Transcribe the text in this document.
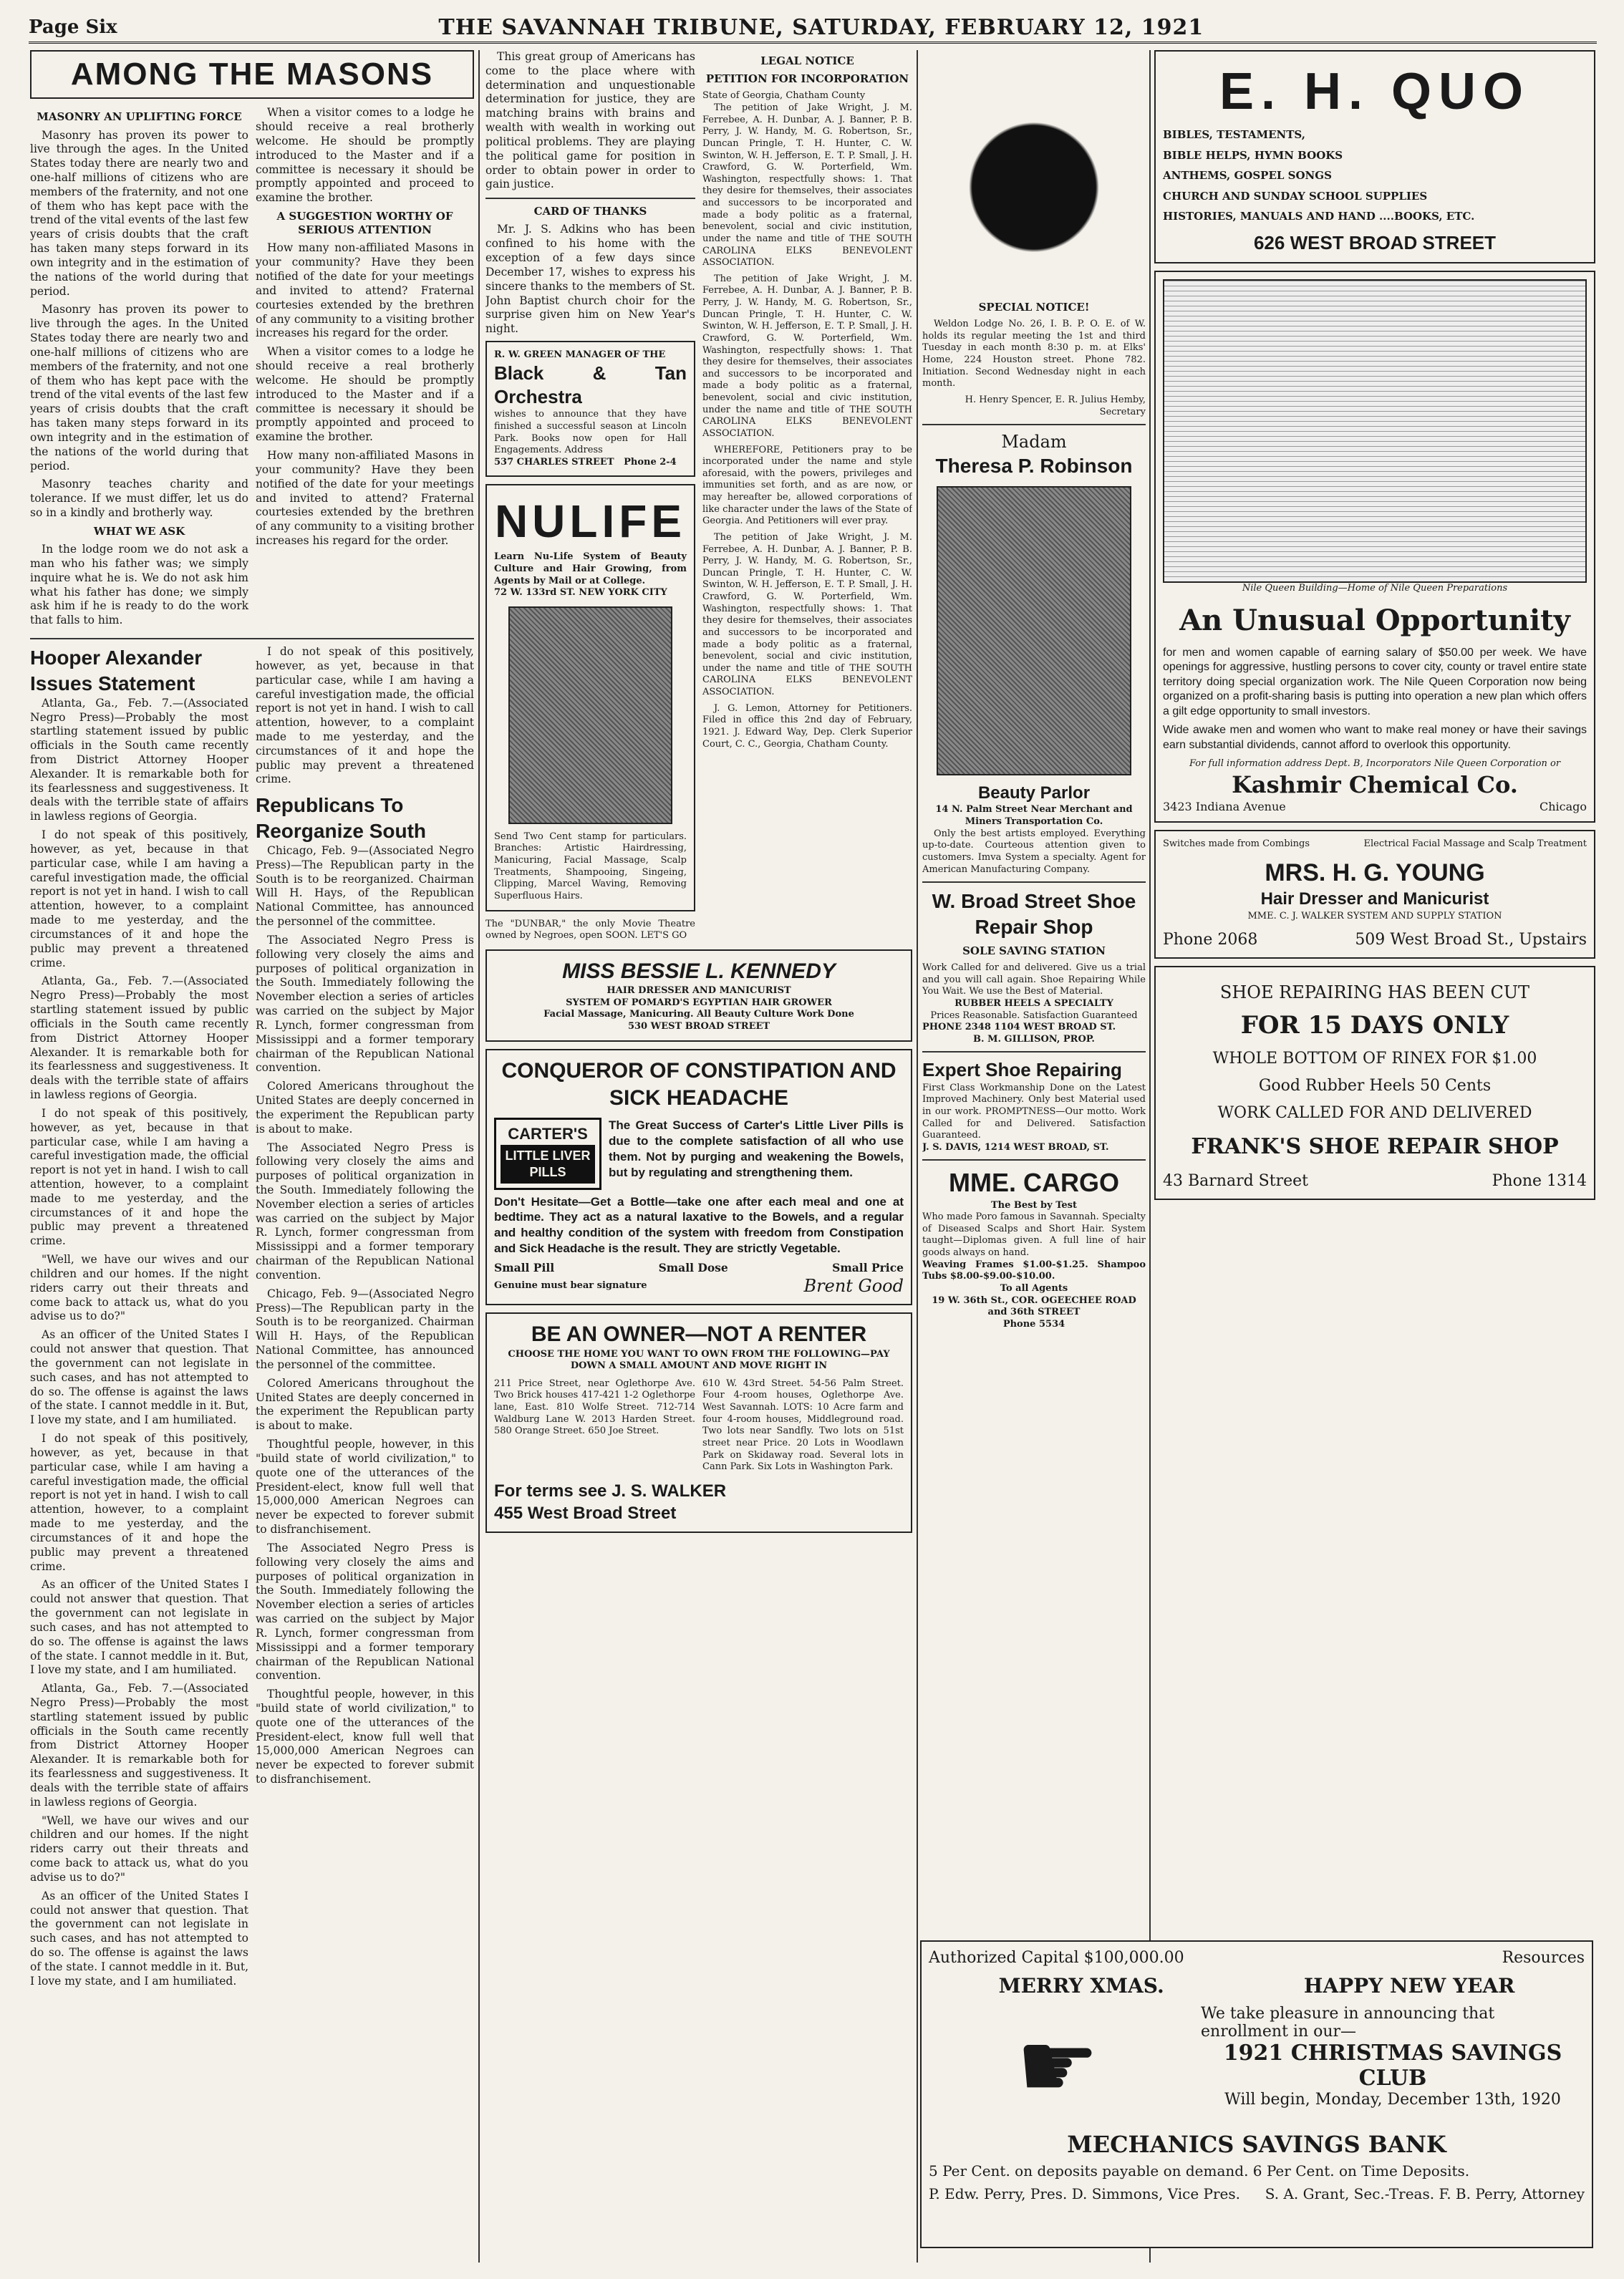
Page Six	THE SAVANNAH TRIBUNE, SATURDAY, FEBRUARY 12, 1921
AMONG THE MASONS
MASONRY AN UPLIFTING FORCE

Masonry has proven its power to live through the ages. In the United States today there are nearly two and one-half millions of citizens who are members of the fraternity, and not one of them who has kept pace with the trend of the vital events of the last few years of crisis doubts that the craft has taken many steps forward in its own integrity and in the estimation of the nations of the world during that period.

Masonry has proven its power to live through the ages. In the United States today there are nearly two and one-half millions of citizens who are members of the fraternity, and not one of them who has kept pace with the trend of the vital events of the last few years of crisis doubts that the craft has taken many steps forward in its own integrity and in the estimation of the nations of the world during that period.

Masonry teaches charity and tolerance. If we must differ, let us do so in a kindly and brotherly way.

WHAT WE ASK

In the lodge room we do not ask a man who his father was; we simply inquire what he is. We do not ask him what his father has done; we simply ask him if he is ready to do the work that falls to him.

When a visitor comes to a lodge he should receive a real brotherly welcome. He should be promptly introduced to the Master and if a committee is necessary it should be promptly appointed and proceed to examine the brother.

A SUGGESTION WORTHY OF SERIOUS ATTENTION

How many non-affiliated Masons in your community? Have they been notified of the date for your meetings and invited to attend? Fraternal courtesies extended by the brethren of any community to a visiting brother increases his regard for the order.

When a visitor comes to a lodge he should receive a real brotherly welcome. He should be promptly introduced to the Master and if a committee is necessary it should be promptly appointed and proceed to examine the brother.

How many non-affiliated Masons in your community? Have they been notified of the date for your meetings and invited to attend? Fraternal courtesies extended by the brethren of any community to a visiting brother increases his regard for the order.

Hooper Alexander Issues Statement

Atlanta, Ga., Feb. 7.—(Associated Negro Press)—Probably the most startling statement issued by public officials in the South came recently from District Attorney Hooper Alexander. It is remarkable both for its fearlessness and suggestiveness. It deals with the terrible state of affairs in lawless regions of Georgia.

I do not speak of this positively, however, as yet, because in that particular case, while I am having a careful investigation made, the official report is not yet in hand. I wish to call attention, however, to a complaint made to me yesterday, and the circumstances of it and hope the public may prevent a threatened crime.

Atlanta, Ga., Feb. 7.—(Associated Negro Press)—Probably the most startling statement issued by public officials in the South came recently from District Attorney Hooper Alexander. It is remarkable both for its fearlessness and suggestiveness. It deals with the terrible state of affairs in lawless regions of Georgia.

I do not speak of this positively, however, as yet, because in that particular case, while I am having a careful investigation made, the official report is not yet in hand. I wish to call attention, however, to a complaint made to me yesterday, and the circumstances of it and hope the public may prevent a threatened crime.

"Well, we have our wives and our children and our homes. If the night riders carry out their threats and come back to attack us, what do you advise us to do?"

As an officer of the United States I could not answer that question. That the government can not legislate in such cases, and has not attempted to do so. The offense is against the laws of the state. I cannot meddle in it. But, I love my state, and I am humiliated.

I do not speak of this positively, however, as yet, because in that particular case, while I am having a careful investigation made, the official report is not yet in hand. I wish to call attention, however, to a complaint made to me yesterday, and the circumstances of it and hope the public may prevent a threatened crime.

As an officer of the United States I could not answer that question. That the government can not legislate in such cases, and has not attempted to do so. The offense is against the laws of the state. I cannot meddle in it. But, I love my state, and I am humiliated.

Atlanta, Ga., Feb. 7.—(Associated Negro Press)—Probably the most startling statement issued by public officials in the South came recently from District Attorney Hooper Alexander. It is remarkable both for its fearlessness and suggestiveness. It deals with the terrible state of affairs in lawless regions of Georgia.

"Well, we have our wives and our children and our homes. If the night riders carry out their threats and come back to attack us, what do you advise us to do?"

As an officer of the United States I could not answer that question. That the government can not legislate in such cases, and has not attempted to do so. The offense is against the laws of the state. I cannot meddle in it. But, I love my state, and I am humiliated.

I do not speak of this positively, however, as yet, because in that particular case, while I am having a careful investigation made, the official report is not yet in hand. I wish to call attention, however, to a complaint made to me yesterday, and the circumstances of it and hope the public may prevent a threatened crime.

Republicans To Reorganize South

Chicago, Feb. 9—(Associated Negro Press)—The Republican party in the South is to be reorganized. Chairman Will H. Hays, of the Republican National Committee, has announced the personnel of the committee.

The Associated Negro Press is following very closely the aims and purposes of political organization in the South. Immediately following the November election a series of articles was carried on the subject by Major R. Lynch, former congressman from Mississippi and a former temporary chairman of the Republican National convention.

Colored Americans throughout the United States are deeply concerned in the experiment the Republican party is about to make.

The Associated Negro Press is following very closely the aims and purposes of political organization in the South. Immediately following the November election a series of articles was carried on the subject by Major R. Lynch, former congressman from Mississippi and a former temporary chairman of the Republican National convention.

Chicago, Feb. 9—(Associated Negro Press)—The Republican party in the South is to be reorganized. Chairman Will H. Hays, of the Republican National Committee, has announced the personnel of the committee.

Colored Americans throughout the United States are deeply concerned in the experiment the Republican party is about to make.

Thoughtful people, however, in this "build state of world civilization," to quote one of the utterances of the President-elect, know full well that 15,000,000 American Negroes can never be expected to forever submit to disfranchisement.

The Associated Negro Press is following very closely the aims and purposes of political organization in the South. Immediately following the November election a series of articles was carried on the subject by Major R. Lynch, former congressman from Mississippi and a former temporary chairman of the Republican National convention.

Thoughtful people, however, in this "build state of world civilization," to quote one of the utterances of the President-elect, know full well that 15,000,000 American Negroes can never be expected to forever submit to disfranchisement.

This great group of Americans has come to the place where with determination and unquestionable determination for justice, they are matching brains with brains and wealth with wealth in working out political problems. They are playing the political game for position in order to obtain power in order to gain justice.

CARD OF THANKS

Mr. J. S. Adkins who has been confined to his home with the exception of a few days since December 17, wishes to express his sincere thanks to the members of St. John Baptist church choir for the surprise given him on New Year's night.

R. W. GREEN MANAGER OF THE
Black & Tan Orchestra
wishes to announce that they have finished a successful season at Lincoln Park. Books now open for Hall Engagements. Address
537 CHARLES STREET Phone 2-4
NULIFE
Learn Nu-Life System of Beauty Culture and Hair Growing, from Agents by Mail or at College.
72 W. 133rd ST. NEW YORK CITY
Send Two Cent stamp for particulars. Branches: Artistic Hairdressing, Manicuring, Facial Massage, Scalp Treatments, Shampooing, Singeing, Clipping, Marcel Waving, Removing Superfluous Hairs.
The "DUNBAR," the only Movie Theatre owned by Negroes, open SOON. LET'S GO
LEGAL NOTICE
PETITION FOR INCORPORATION
State of Georgia, Chatham County

The petition of Jake Wright, J. M. Ferrebee, A. H. Dunbar, A. J. Banner, P. B. Perry, J. W. Handy, M. G. Robertson, Sr., Duncan Pringle, T. H. Hunter, C. W. Swinton, W. H. Jefferson, E. T. P. Small, J. H. Crawford, G. W. Porterfield, Wm. Washington, respectfully shows: 1. That they desire for themselves, their associates and successors to be incorporated and made a body politic as a fraternal, benevolent, social and civic institution, under the name and title of THE SOUTH CAROLINA ELKS BENEVOLENT ASSOCIATION.

The petition of Jake Wright, J. M. Ferrebee, A. H. Dunbar, A. J. Banner, P. B. Perry, J. W. Handy, M. G. Robertson, Sr., Duncan Pringle, T. H. Hunter, C. W. Swinton, W. H. Jefferson, E. T. P. Small, J. H. Crawford, G. W. Porterfield, Wm. Washington, respectfully shows: 1. That they desire for themselves, their associates and successors to be incorporated and made a body politic as a fraternal, benevolent, social and civic institution, under the name and title of THE SOUTH CAROLINA ELKS BENEVOLENT ASSOCIATION.

WHEREFORE, Petitioners pray to be incorporated under the name and style aforesaid, with the powers, privileges and immunities set forth, and as are now, or may hereafter be, allowed corporations of like character under the laws of the State of Georgia. And Petitioners will ever pray.

The petition of Jake Wright, J. M. Ferrebee, A. H. Dunbar, A. J. Banner, P. B. Perry, J. W. Handy, M. G. Robertson, Sr., Duncan Pringle, T. H. Hunter, C. W. Swinton, W. H. Jefferson, E. T. P. Small, J. H. Crawford, G. W. Porterfield, Wm. Washington, respectfully shows: 1. That they desire for themselves, their associates and successors to be incorporated and made a body politic as a fraternal, benevolent, social and civic institution, under the name and title of THE SOUTH CAROLINA ELKS BENEVOLENT ASSOCIATION.

J. G. Lemon, Attorney for Petitioners. Filed in office this 2nd day of February, 1921. J. Edward Way, Dep. Clerk Superior Court, C. C., Georgia, Chatham County.

MISS BESSIE L. KENNEDY
HAIR DRESSER AND MANICURIST
SYSTEM OF POMARD'S EGYPTIAN HAIR GROWER
Facial Massage, Manicuring. All Beauty Culture Work Done
530 WEST BROAD STREET
CONQUEROR OF CONSTIPATION AND SICK HEADACHE
CARTER'S
LITTLE LIVER PILLS
The Great Success of Carter's Little Liver Pills is due to the complete satisfaction of all who use them. Not by purging and weakening the Bowels, but by regulating and strengthening them.
Don't Hesitate—Get a Bottle—take one after each meal and one at bedtime. They act as a natural laxative to the Bowels, and a regular and healthy condition of the system with freedom from Constipation and Sick Headache is the result. They are strictly Vegetable.
Small Pill	Small Dose	Small Price
Genuine must bear signature	Brent Good
BE AN OWNER—NOT A RENTER
CHOOSE THE HOME YOU WANT TO OWN FROM THE FOLLOWING—PAY DOWN A SMALL AMOUNT AND MOVE RIGHT IN
211 Price Street, near Oglethorpe Ave. Two Brick houses 417-421 1-2 Oglethorpe lane, East. 810 Wolfe Street. 712-714 Waldburg Lane W. 2013 Harden Street. 580 Orange Street. 650 Joe Street.
610 W. 43rd Street. 54-56 Palm Street. Four 4-room houses, Oglethorpe Ave. West Savannah. LOTS: 10 Acre farm and four 4-room houses, Middleground road. Two lots near Sandfly. Two lots on 51st street near Price. 20 Lots in Woodlawn Park on Skidaway road. Several lots in Cann Park. Six Lots in Washington Park.
For terms see J. S. WALKER
455 West Broad Street
SPECIAL NOTICE!

Weldon Lodge No. 26, I. B. P. O. E. of W. holds its regular meeting the 1st and third Tuesday in each month 8:30 p. m. at Elks' Home, 224 Houston street. Phone 782. Initiation. Second Wednesday night in each month.

H. Henry Spencer, E. R. Julius Hemby, Secretary
Madam
Theresa P. Robinson
Beauty Parlor
14 N. Palm Street Near Merchant and Miners Transportation Co.

Only the best artists employed. Everything up-to-date. Courteous attention given to customers. Imva System a specialty. Agent for American Manufacturing Company.

W. Broad Street Shoe Repair Shop
SOLE SAVING STATION
Work Called for and delivered. Give us a trial and you will call again. Shoe Repairing While You Wait. We use the Best of Material.
RUBBER HEELS A SPECIALTY
Prices Reasonable. Satisfaction Guaranteed
PHONE 2348 1104 WEST BROAD ST.
B. M. GILLISON, PROP.
Expert Shoe Repairing
First Class Workmanship Done on the Latest Improved Machinery. Only best Material used in our work. PROMPTNESS—Our motto. Work Called for and Delivered. Satisfaction Guaranteed.
J. S. DAVIS, 1214 WEST BROAD, ST.
MME. CARGO
The Best by Test
Who made Poro famous in Savannah. Specialty of Diseased Scalps and Short Hair. System taught—Diplomas given. A full line of hair goods always on hand.
Weaving Frames $1.00-$1.25. Shampoo Tubs $8.00-$9.00-$10.00.
To all Agents
19 W. 36th St., COR. OGEECHEE ROAD and 36th STREET
Phone 5534
E. H. QUO
BIBLES, TESTAMENTS,
BIBLE HELPS, HYMN BOOKS
ANTHEMS, GOSPEL SONGS
CHURCH AND SUNDAY SCHOOL SUPPLIES
HISTORIES, MANUALS AND HAND ....BOOKS, ETC.
626 WEST BROAD STREET
Nile Queen Building—Home of Nile Queen Preparations
An Unusual Opportunity
for men and women capable of earning salary of $50.00 per week. We have openings for aggressive, hustling persons to cover city, county or travel entire state territory doing special organization work. The Nile Queen Corporation now being organized on a profit-sharing basis is putting into operation a new plan which offers a gilt edge opportunity to small investors.
Wide awake men and women who want to make real money or have their savings earn substantial dividends, cannot afford to overlook this opportunity.
For full information address Dept. B, Incorporators Nile Queen Corporation or
Kashmir Chemical Co.
3423 Indiana Avenue	Chicago
Switches made from Combings	Electrical Facial Massage and Scalp Treatment
MRS. H. G. YOUNG
Hair Dresser and Manicurist
MME. C. J. WALKER SYSTEM AND SUPPLY STATION
Phone 2068	509 West Broad St., Upstairs
SHOE REPAIRING HAS BEEN CUT
FOR 15 DAYS ONLY
WHOLE BOTTOM OF RINEX FOR $1.00
Good Rubber Heels 50 Cents
WORK CALLED FOR AND DELIVERED
FRANK'S SHOE REPAIR SHOP
43 Barnard Street	Phone 1314
Authorized Capital $100,000.00	Resources
MERRY XMAS.	HAPPY NEW YEAR
☛	We take pleasure in announcing that enrollment in our—
1921 CHRISTMAS SAVINGS CLUB
Will begin, Monday, December 13th, 1920
MECHANICS SAVINGS BANK
5 Per Cent. on deposits payable on demand. 6 Per Cent. on Time Deposits.
P. Edw. Perry, Pres. D. Simmons, Vice Pres. S. A. Grant, Sec.-Treas. F. B. Perry, Attorney
